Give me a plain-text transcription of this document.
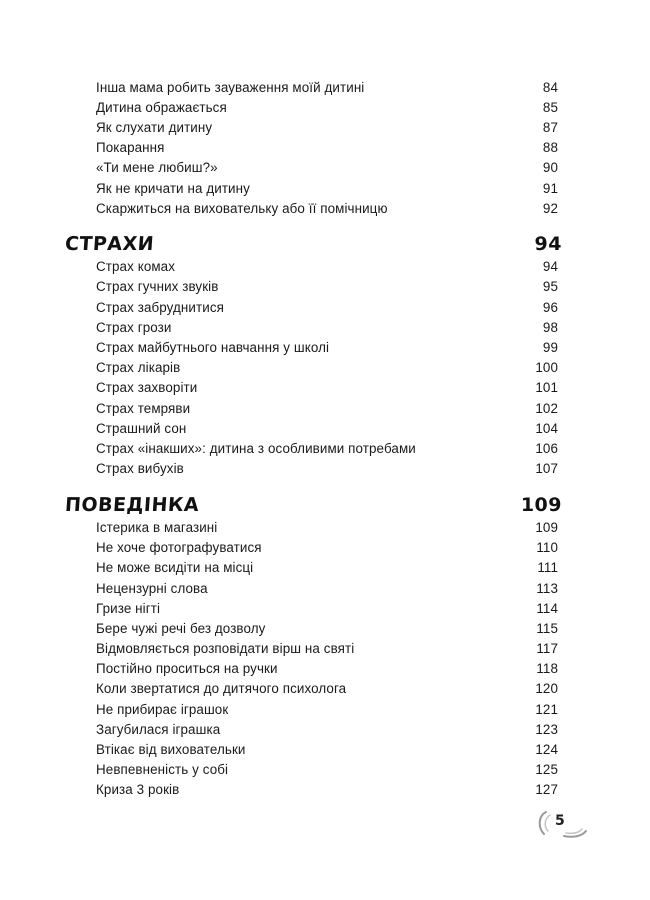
Інша мама робить зауваження моїй дитині	84
Дитина ображається	85
Як слухати дитину	87
Покарання	88
«Ти мене любиш?»	90
Як не кричати на дитину	91
Скаржиться на виховательку або її помічницю	92
СТРАХИ	94
Страх комах	94
Страх гучних звуків	95
Страх забруднитися	96
Страх грози	98
Страх майбутнього навчання у школі	99
Страх лікарів	100
Страх захворіти	101
Страх темряви	102
Страшний сон	104
Страх «інакших»: дитина з особливими потребами	106
Страх вибухів	107
ПОВЕДІНКА	109
Істерика в магазині	109
Не хоче фотографуватися	110
Не може всидіти на місці	111
Нецензурні слова	113
Гризе нігті	114
Бере чужі речі без дозволу	115
Відмовляється розповідати вірш на святі	117
Постійно проситься на ручки	118
Коли звертатися до дитячого психолога	120
Не прибирає іграшок	121
Загубилася іграшка	123
Втікає від виховательки	124
Невпевненість у собі	125
Криза 3 років	127
5
